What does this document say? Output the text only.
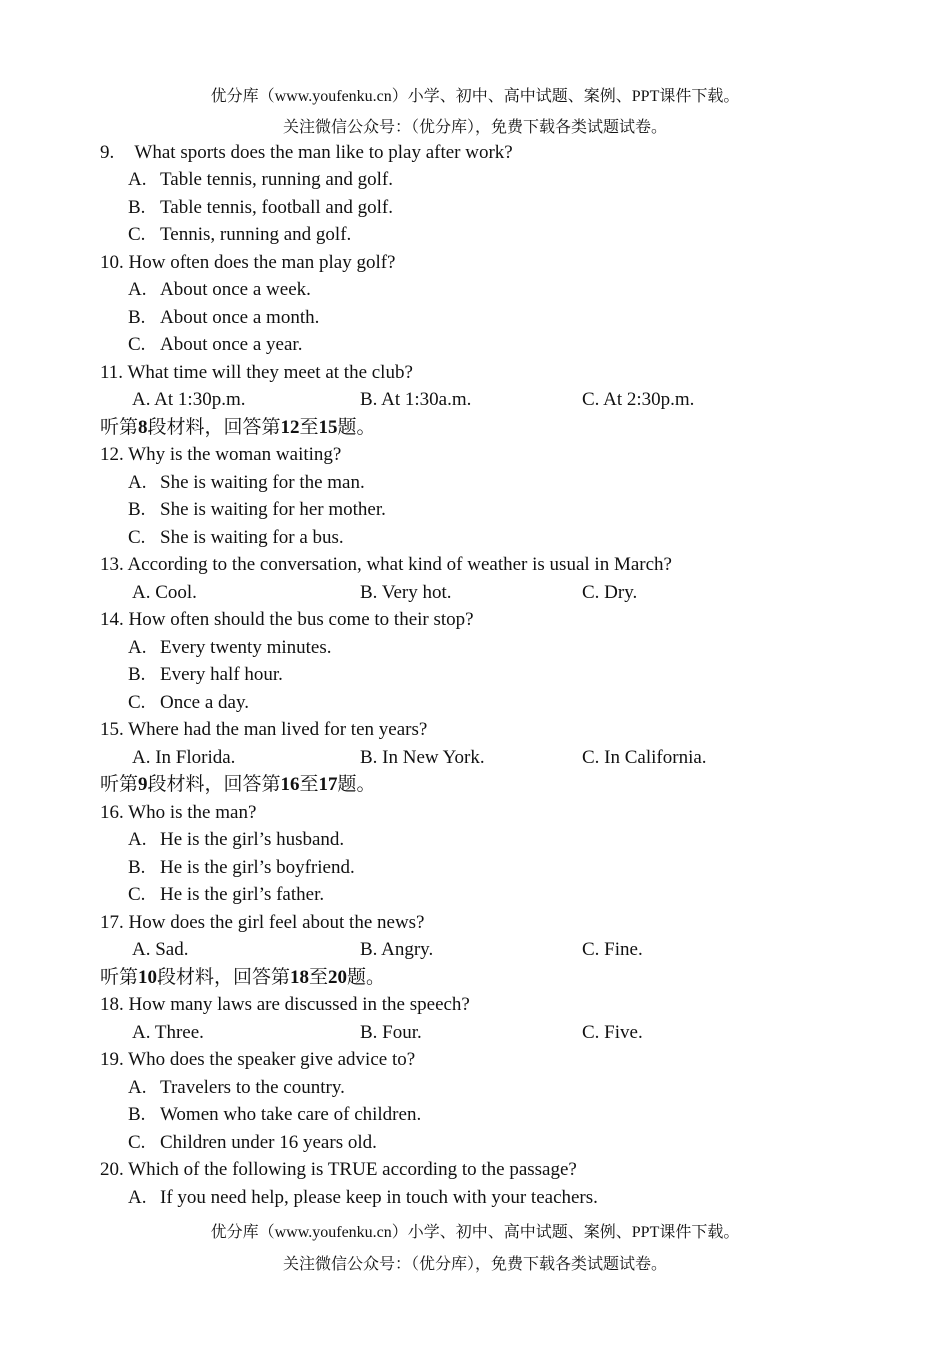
优分库（www.youfenku.cn）小学、初中、高中试题、案例、PPT课件下载。
关注微信公众号：（优分库），免费下载各类试题试卷。
9. What sports does the man like to play after work?
A. Table tennis, running and golf.
B. Table tennis, football and golf.
C. Tennis, running and golf.
10. How often does the man play golf?
A. About once a week.
B. About once a month.
C. About once a year.
11. What time will they meet at the club?
A. At 1:30p.m.	B. At 1:30a.m.	C. At 2:30p.m.
听第8段材料，回答第12至15题。
12. Why is the woman waiting?
A. She is waiting for the man.
B. She is waiting for her mother.
C. She is waiting for a bus.
13. According to the conversation, what kind of weather is usual in March?
A. Cool.	B. Very hot.	C. Dry.
14. How often should the bus come to their stop?
A. Every twenty minutes.
B. Every half hour.
C. Once a day.
15. Where had the man lived for ten years?
A. In Florida.	B. In New York.	C. In California.
听第9段材料，回答第16至17题。
16. Who is the man?
A. He is the girl’s husband.
B. He is the girl’s boyfriend.
C. He is the girl’s father.
17. How does the girl feel about the news?
A. Sad.	B. Angry.	C. Fine.
听第10段材料，回答第18至20题。
18. How many laws are discussed in the speech?
A. Three.	B. Four.	C. Five.
19. Who does the speaker give advice to?
A. Travelers to the country.
B. Women who take care of children.
C. Children under 16 years old.
20. Which of the following is TRUE according to the passage?
A. If you need help, please keep in touch with your teachers.
优分库（www.youfenku.cn）小学、初中、高中试题、案例、PPT课件下载。
关注微信公众号：（优分库），免费下载各类试题试卷。
